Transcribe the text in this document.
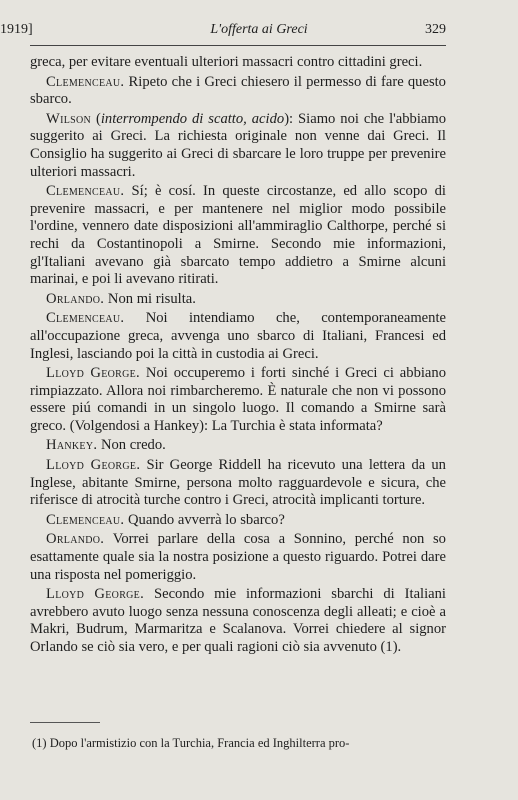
1919]	L'offerta ai Greci	329

greca, per evitare eventuali ulteriori massacri contro cittadini greci.

Clemenceau. Ripeto che i Greci chiesero il permesso di fare questo sbarco.

Wilson (interrompendo di scatto, acido): Siamo noi che l'abbiamo suggerito ai Greci. La richiesta originale non venne dai Greci. Il Consiglio ha suggerito ai Greci di sbarcare le loro truppe per prevenire ulteriori massacri.

Clemenceau. Sí; è cosí. In queste circostanze, ed allo scopo di prevenire massacri, e per mantenere nel miglior modo possibile l'ordine, vennero date disposizioni all'ammiraglio Calthorpe, perché si rechi da Costantinopoli a Smirne. Secondo mie informazioni, gl'Italiani avevano già sbarcato tempo addietro a Smirne alcuni marinai, e poi li avevano ritirati.

Orlando. Non mi risulta.

Clemenceau. Noi intendiamo che, contemporaneamente all'occupazione greca, avvenga uno sbarco di Italiani, Francesi ed Inglesi, lasciando poi la città in custodia ai Greci.

Lloyd George. Noi occuperemo i forti sinché i Greci ci abbiano rimpiazzato. Allora noi rimbarcheremo. È naturale che non vi possono essere piú comandi in un singolo luogo. Il comando a Smirne sarà greco. (Volgendosi a Hankey): La Turchia è stata informata?

Hankey. Non credo.

Lloyd George. Sir George Riddell ha ricevuto una lettera da un Inglese, abitante Smirne, persona molto ragguardevole e sicura, che riferisce di atrocità turche contro i Greci, atrocità implicanti torture.

Clemenceau. Quando avverrà lo sbarco?

Orlando. Vorrei parlare della cosa a Sonnino, perché non so esattamente quale sia la nostra posizione a questo riguardo. Potrei dare una risposta nel pomeriggio.

Lloyd George. Secondo mie informazioni sbarchi di Italiani avrebbero avuto luogo senza nessuna conoscenza degli alleati; e cioè a Makri, Budrum, Marmaritza e Scalanova. Vorrei chiedere al signor Orlando se ciò sia vero, e per quali ragioni ciò sia avvenuto (1).

(1) Dopo l'armistizio con la Turchia, Francia ed Inghilterra pro-
